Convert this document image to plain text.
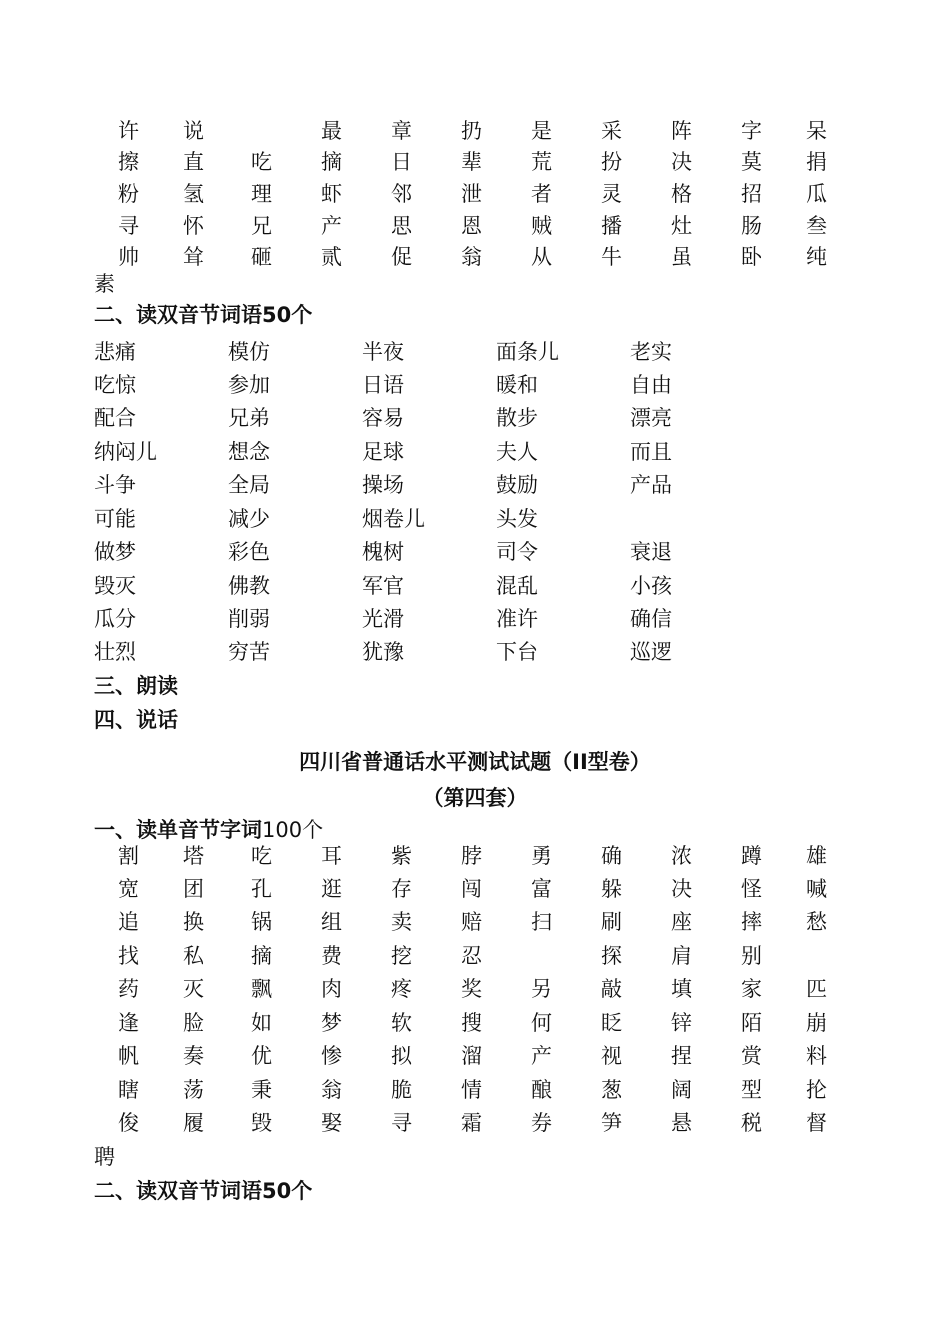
许 说	最 章 扔 是 采 阵 字 呆
擦 直 吃 摘 日 辈 荒 扮 决 莫 捐
粉 氢 理 虾 邻 泄 者 灵 格 招 瓜
寻 怀 兄 产 思 恩 贼 播 灶 肠 叁
帅 耸 砸 贰 促 翁 从 牛 虽 卧 纯
素
二、读双音节词语50个
悲痛	模仿	半夜	面条儿	老实
吃惊	参加	日语	暖和	自由
配合	兄弟	容易	散步	漂亮
纳闷儿	想念	足球	夫人	而且
斗争	全局	操场	鼓励	产品
可能	减少	烟卷儿	头发
做梦	彩色	槐树	司令	衰退
毁灭	佛教	军官	混乱	小孩
瓜分	削弱	光滑	准许	确信
壮烈	穷苦	犹豫	下台	巡逻
三、朗读
四、说话
四川省普通话水平测试试题（II型卷）
（第四套）
一、读单音节字词100个
割 塔 吃 耳 紫 脖 勇 确 浓 蹲 雄
宽 团 孔 逛 存 闯 富 躲 决 怪 喊
追 换 锅 组 卖 赔 扫 刷 座 摔 愁
找 私 摘 费 挖 忍	探 肩 别
药 灭 飘 肉 疼 奖 另 敲 填 家 匹
逢 脸 如 梦 软 搜 何 眨 锌 陌 崩
帆 奏 优 惨 拟 溜 产 视 捏 赏 料
瞎 荡 秉 翁 脆 情 酿 葱 阔 型 抡
俊 履 毁 娶 寻 霜 券 笋 悬 税 督
聘
二、读双音节词语50个
